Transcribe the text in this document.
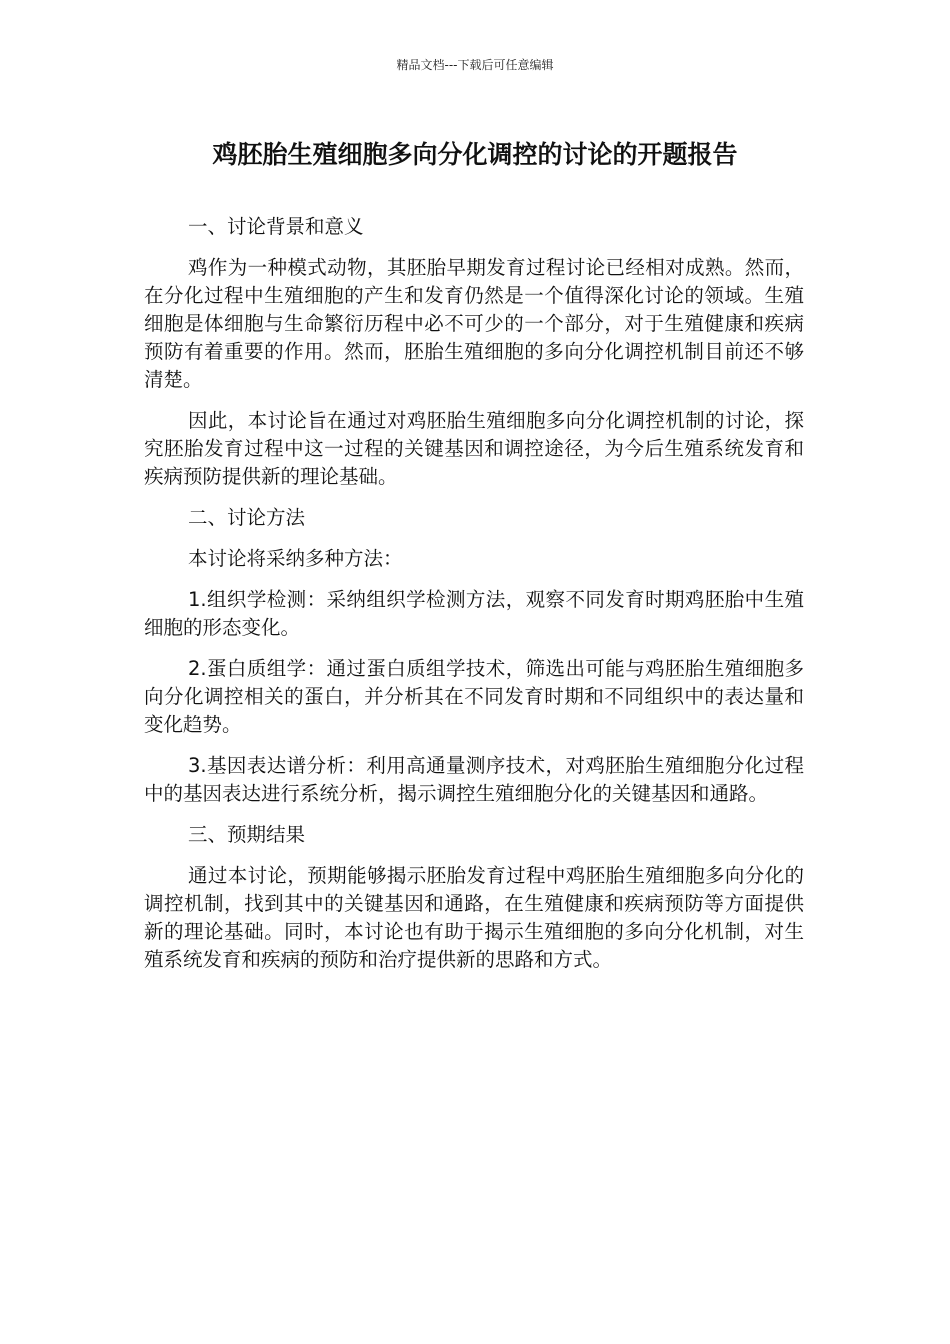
精品文档---下载后可任意编辑
鸡胚胎生殖细胞多向分化调控的讨论的开题报告

一、讨论背景和意义

鸡作为一种模式动物，其胚胎早期发育过程讨论已经相对成熟。然而，在分化过程中生殖细胞的产生和发育仍然是一个值得深化讨论的领域。生殖细胞是体细胞与生命繁衍历程中必不可少的一个部分，对于生殖健康和疾病预防有着重要的作用。然而，胚胎生殖细胞的多向分化调控机制目前还不够清楚。

因此，本讨论旨在通过对鸡胚胎生殖细胞多向分化调控机制的讨论，探究胚胎发育过程中这一过程的关键基因和调控途径，为今后生殖系统发育和疾病预防提供新的理论基础。

二、讨论方法

本讨论将采纳多种方法：

1.组织学检测：采纳组织学检测方法，观察不同发育时期鸡胚胎中生殖细胞的形态变化。

2.蛋白质组学：通过蛋白质组学技术，筛选出可能与鸡胚胎生殖细胞多向分化调控相关的蛋白，并分析其在不同发育时期和不同组织中的表达量和变化趋势。

3.基因表达谱分析：利用高通量测序技术，对鸡胚胎生殖细胞分化过程中的基因表达进行系统分析，揭示调控生殖细胞分化的关键基因和通路。

三、预期结果

通过本讨论，预期能够揭示胚胎发育过程中鸡胚胎生殖细胞多向分化的调控机制，找到其中的关键基因和通路，在生殖健康和疾病预防等方面提供新的理论基础。同时，本讨论也有助于揭示生殖细胞的多向分化机制，对生殖系统发育和疾病的预防和治疗提供新的思路和方式。
